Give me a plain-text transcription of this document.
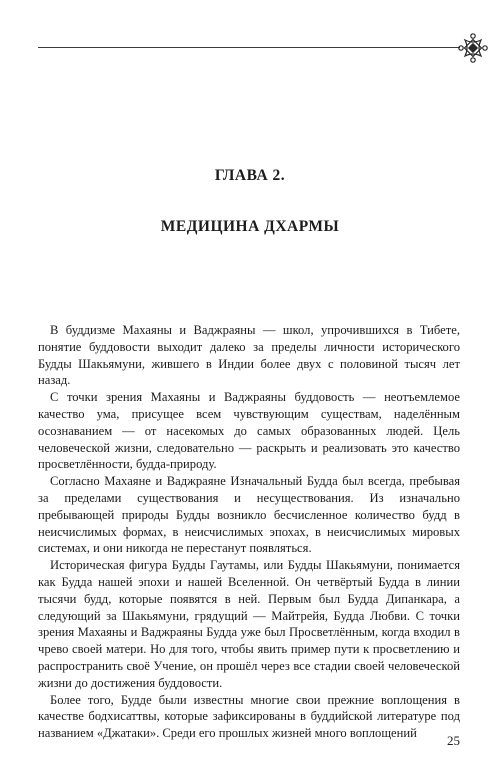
ГЛАВА 2.
МЕДИЦИНА ДХАРМЫ

В буддизме Махаяны и Ваджраяны — школ, упрочившихся в Тибете, понятие буддовости выходит далеко за пределы личности исторического Будды Шакьямуни, жившего в Индии более двух с половиной тысяч лет назад.

С точки зрения Махаяны и Ваджраяны буддовость — неотъемлемое качество ума, присущее всем чувствующим существам, наделённым осознаванием — от насекомых до самых образованных людей. Цель человеческой жизни, следовательно — раскрыть и реализовать это качество просветлённости, будда-природу.

Согласно Махаяне и Ваджраяне Изначальный Будда был всегда, пребывая за пределами существования и несуществования. Из изначально пребывающей природы Будды возникло бесчисленное количество будд в неисчислимых формах, в неисчислимых эпохах, в неисчислимых мировых системах, и они никогда не перестанут появляться.

Историческая фигура Будды Гаутамы, или Будды Шакьямуни, понимается как Будда нашей эпохи и нашей Вселенной. Он четвёртый Будда в линии тысячи будд, которые появятся в ней. Первым был Будда Дипанкара, а следующий за Шакьямуни, грядущий — Майтрейя, Будда Любви. С точки зрения Махаяны и Ваджраяны Будда уже был Просветлённым, когда входил в чрево своей матери. Но для того, чтобы явить пример пути к просветлению и распространить своё Учение, он прошёл через все стадии своей человеческой жизни до достижения буддовости.

Более того, Будде были известны многие свои прежние воплощения в качестве бодхисаттвы, которые зафиксированы в буддийской литературе под названием «Джатаки». Среди его прошлых жизней много воплощений	25
